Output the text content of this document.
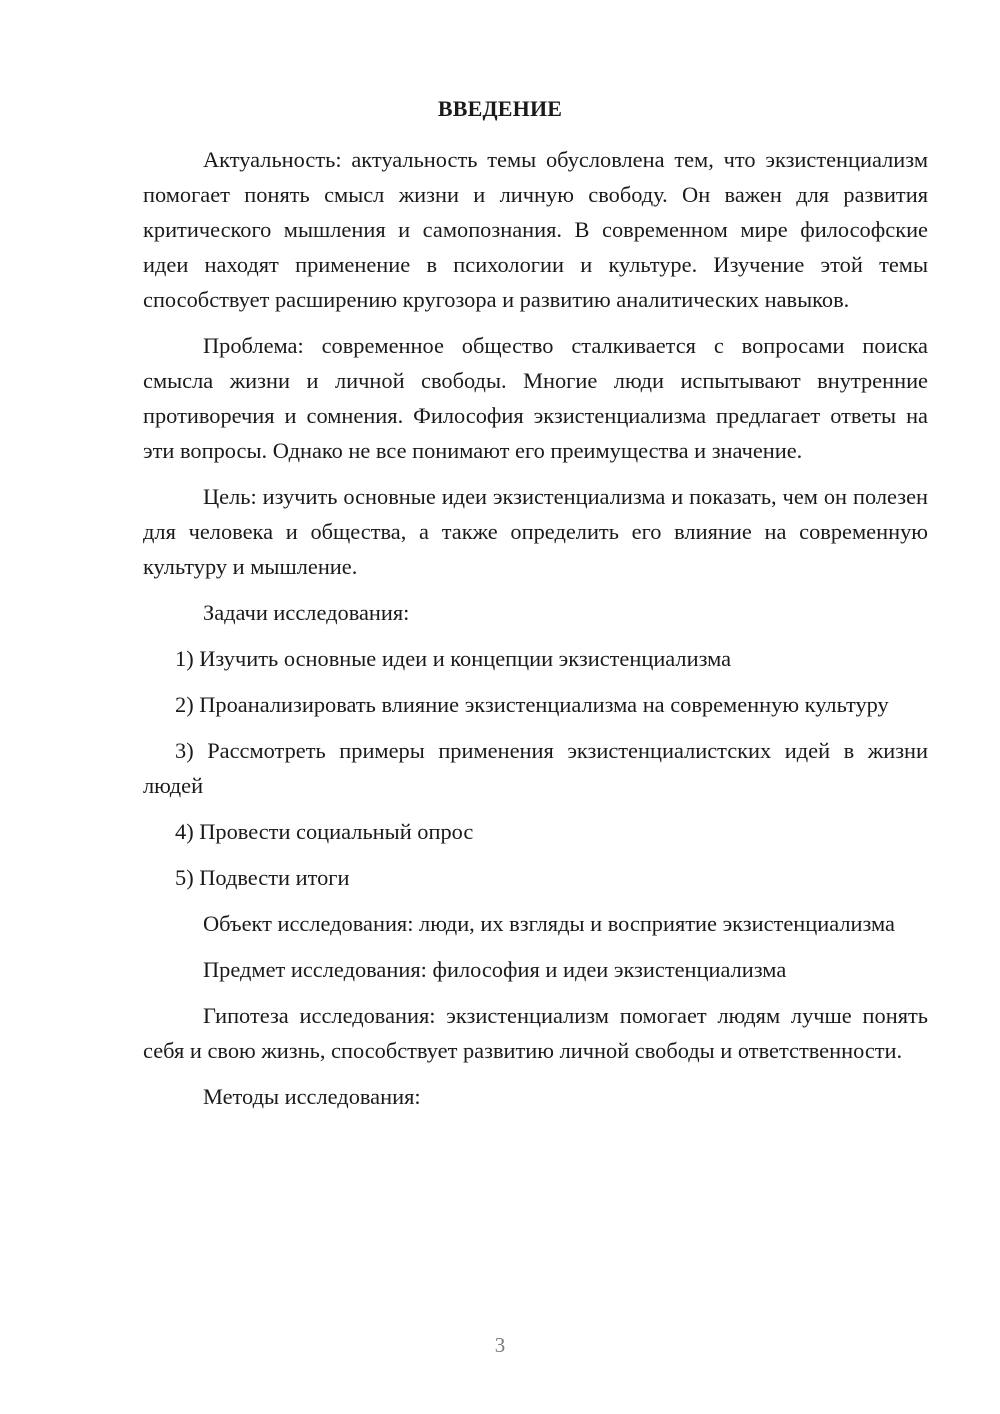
ВВЕДЕНИЕ

Актуальность: актуальность темы обусловлена тем, что экзистенциализм помогает понять смысл жизни и личную свободу. Он важен для развития критического мышления и самопознания. В современном мире философские идеи находят применение в психологии и культуре. Изучение этой темы способствует расширению кругозора и развитию аналитических навыков.

Проблема: современное общество сталкивается с вопросами поиска смысла жизни и личной свободы. Многие люди испытывают внутренние противоречия и сомнения. Философия экзистенциализма предлагает ответы на эти вопросы. Однако не все понимают его преимущества и значение.

Цель: изучить основные идеи экзистенциализма и показать, чем он полезен для человека и общества, а также определить его влияние на современную культуру и мышление.

Задачи исследования:

1) Изучить основные идеи и концепции экзистенциализма

2) Проанализировать влияние экзистенциализма на современную культуру

3) Рассмотреть примеры применения экзистенциалистских идей в жизни людей

4) Провести социальный опрос

5) Подвести итоги

Объект исследования: люди, их взгляды и восприятие экзистенциализма

Предмет исследования: философия и идеи экзистенциализма

Гипотеза исследования: экзистенциализм помогает людям лучше понять себя и свою жизнь, способствует развитию личной свободы и ответственности.

Методы исследования:

3
